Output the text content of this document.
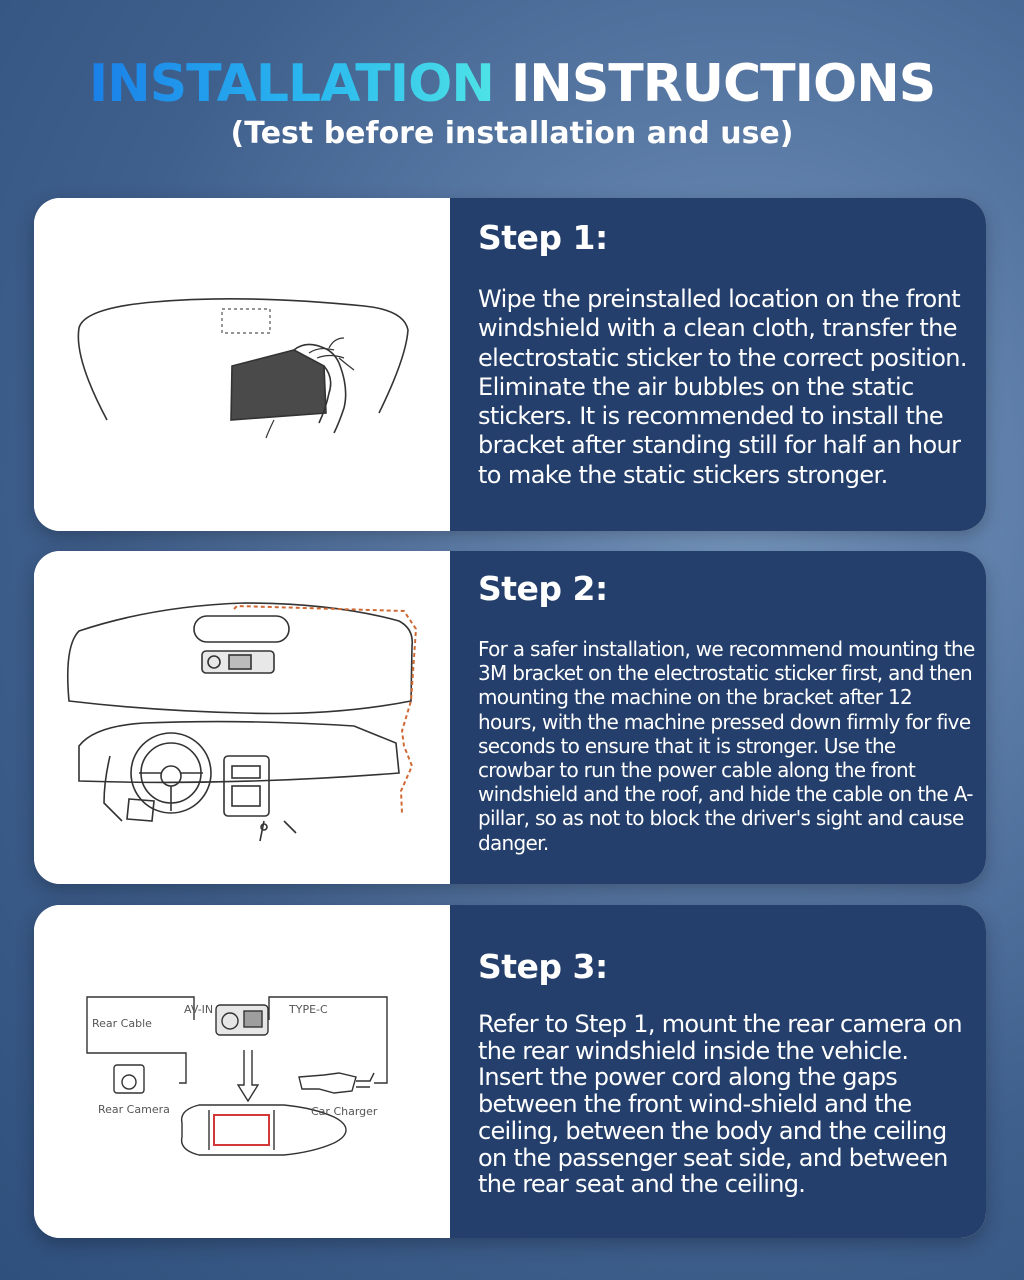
INSTALLATION INSTRUCTIONS
(Test before installation and use)
Step 1:
Wipe the preinstalled location on the front windshield with a clean cloth, transfer the electrostatic sticker to the correct position. Eliminate the air bubbles on the static stickers. It is recommended to install the bracket after standing still for half an hour to make the static stickers stronger.
Step 2:
For a safer installation, we recommend mounting the 3M bracket on the electrostatic sticker first, and then mounting the machine on the bracket after 12 hours, with the machine pressed down firmly for five seconds to ensure that it is stronger. Use the crowbar to run the power cable along the front windshield and the roof, and hide the cable on the A-pillar, so as not to block the driver's sight and cause danger.
AV-IN	TYPE-C
Rear Cable
Rear Camera	Car Charger
Step 3:
Refer to Step 1, mount the rear camera on the rear windshield inside the vehicle. Insert the power cord along the gaps between the front wind-shield and the ceiling, between the body and the ceiling on the passenger seat side, and between the rear seat and the ceiling.
